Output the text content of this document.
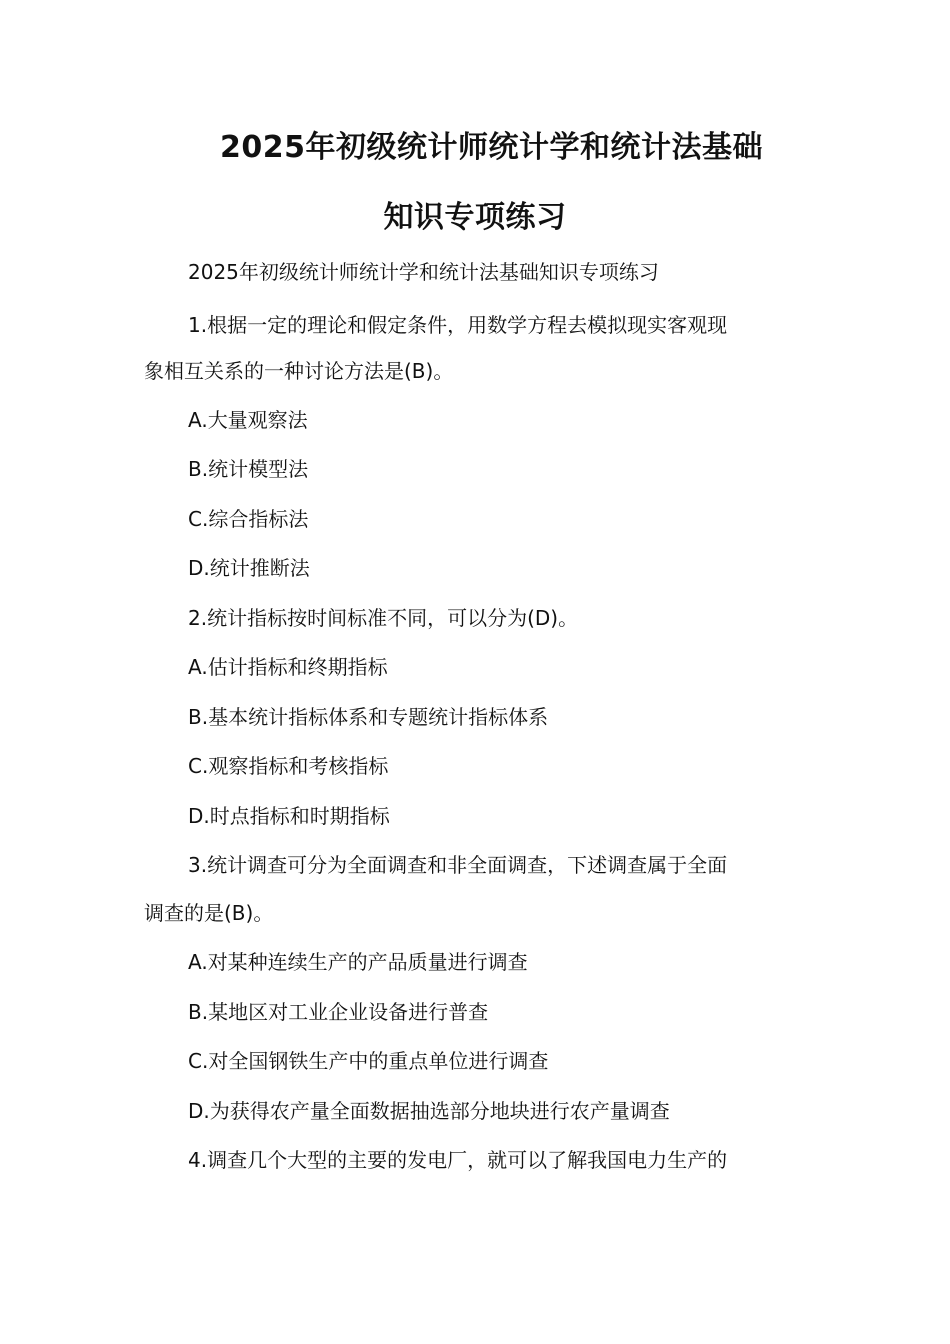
2025年初级统计师统计学和统计法基础
知识专项练习
2025年初级统计师统计学和统计法基础知识专项练习
1.根据一定的理论和假定条件，用数学方程去模拟现实客观现
象相互关系的一种讨论方法是(B)。
A.大量观察法
B.统计模型法
C.综合指标法
D.统计推断法
2.统计指标按时间标准不同，可以分为(D)。
A.估计指标和终期指标
B.基本统计指标体系和专题统计指标体系
C.观察指标和考核指标
D.时点指标和时期指标
3.统计调查可分为全面调查和非全面调查，下述调查属于全面
调查的是(B)。
A.对某种连续生产的产品质量进行调查
B.某地区对工业企业设备进行普查
C.对全国钢铁生产中的重点单位进行调查
D.为获得农产量全面数据抽选部分地块进行农产量调查
4.调查几个大型的主要的发电厂，就可以了解我国电力生产的
